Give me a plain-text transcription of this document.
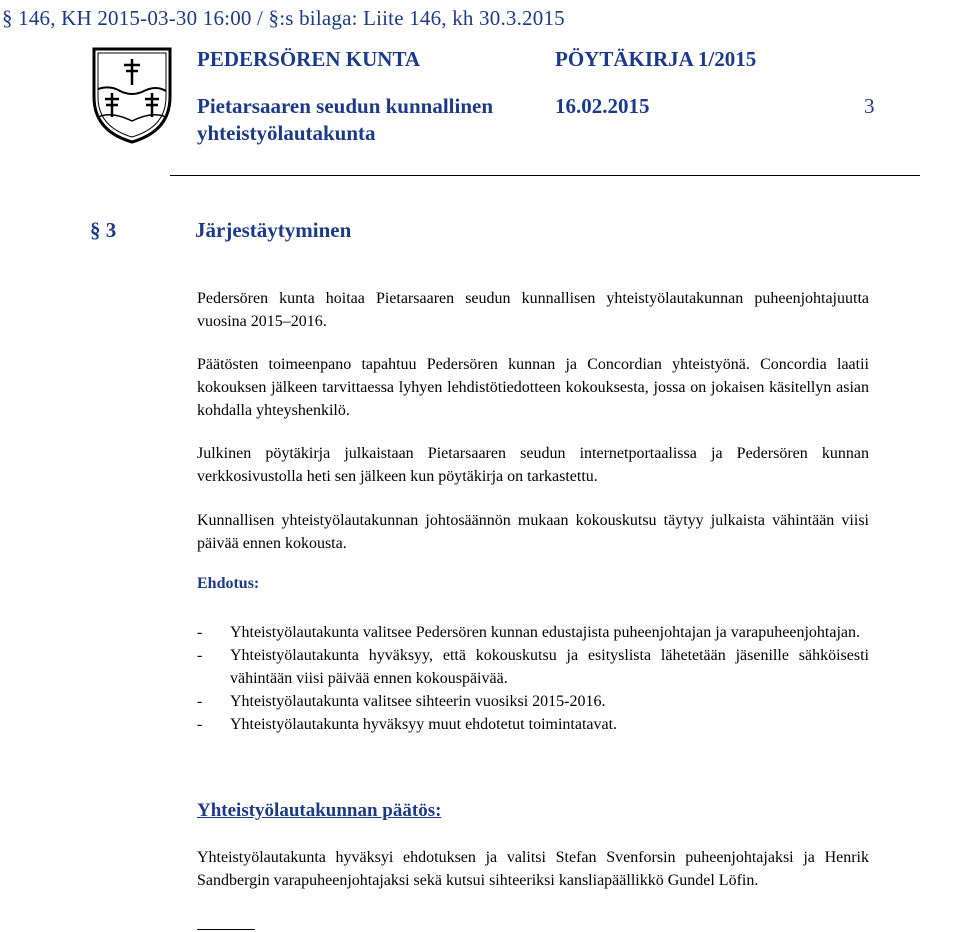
§ 146, KH 2015-03-30 16:00 / §:s bilaga: Liite 146, kh 30.3.2015
PEDERSÖREN KUNTA
Pietarsaaren seudun kunnallinen
yhteistyölautakunta
PÖYTÄKIRJA 1/2015
16.02.2015	3
§ 3	Järjestäytyminen
Pedersören kunta hoitaa Pietarsaaren seudun kunnallisen yhteistyölautakunnan puheenjohtajuutta vuosina 2015–2016.
Päätösten toimeenpano tapahtuu Pedersören kunnan ja Concordian yhteistyönä. Concordia laatii kokouksen jälkeen tarvittaessa lyhyen lehdistötiedotteen kokouksesta, jossa on jokaisen käsitellyn asian kohdalla yhteyshenkilö.
Julkinen pöytäkirja julkaistaan Pietarsaaren seudun internetportaalissa ja Pedersören kunnan verkkosivustolla heti sen jälkeen kun pöytäkirja on tarkastettu.
Kunnallisen yhteistyölautakunnan johtosäännön mukaan kokouskutsu täytyy julkaista vähintään viisi päivää ennen kokousta.
Ehdotus:
- Yhteistyölautakunta valitsee Pedersören kunnan edustajista puheenjohtajan ja varapuheenjohtajan.
- Yhteistyölautakunta hyväksyy, että kokouskutsu ja esityslista lähetetään jäsenille sähköisesti vähintään viisi päivää ennen kokouspäivää.
- Yhteistyölautakunta valitsee sihteerin vuosiksi 2015-2016.
- Yhteistyölautakunta hyväksyy muut ehdotetut toimintatavat.
Yhteistyölautakunnan päätös:
Yhteistyölautakunta hyväksyi ehdotuksen ja valitsi Stefan Svenforsin puheenjohtajaksi ja Henrik Sandbergin varapuheenjohtajaksi sekä kutsui sihteeriksi kansliapäällikkö Gundel Löfin.
